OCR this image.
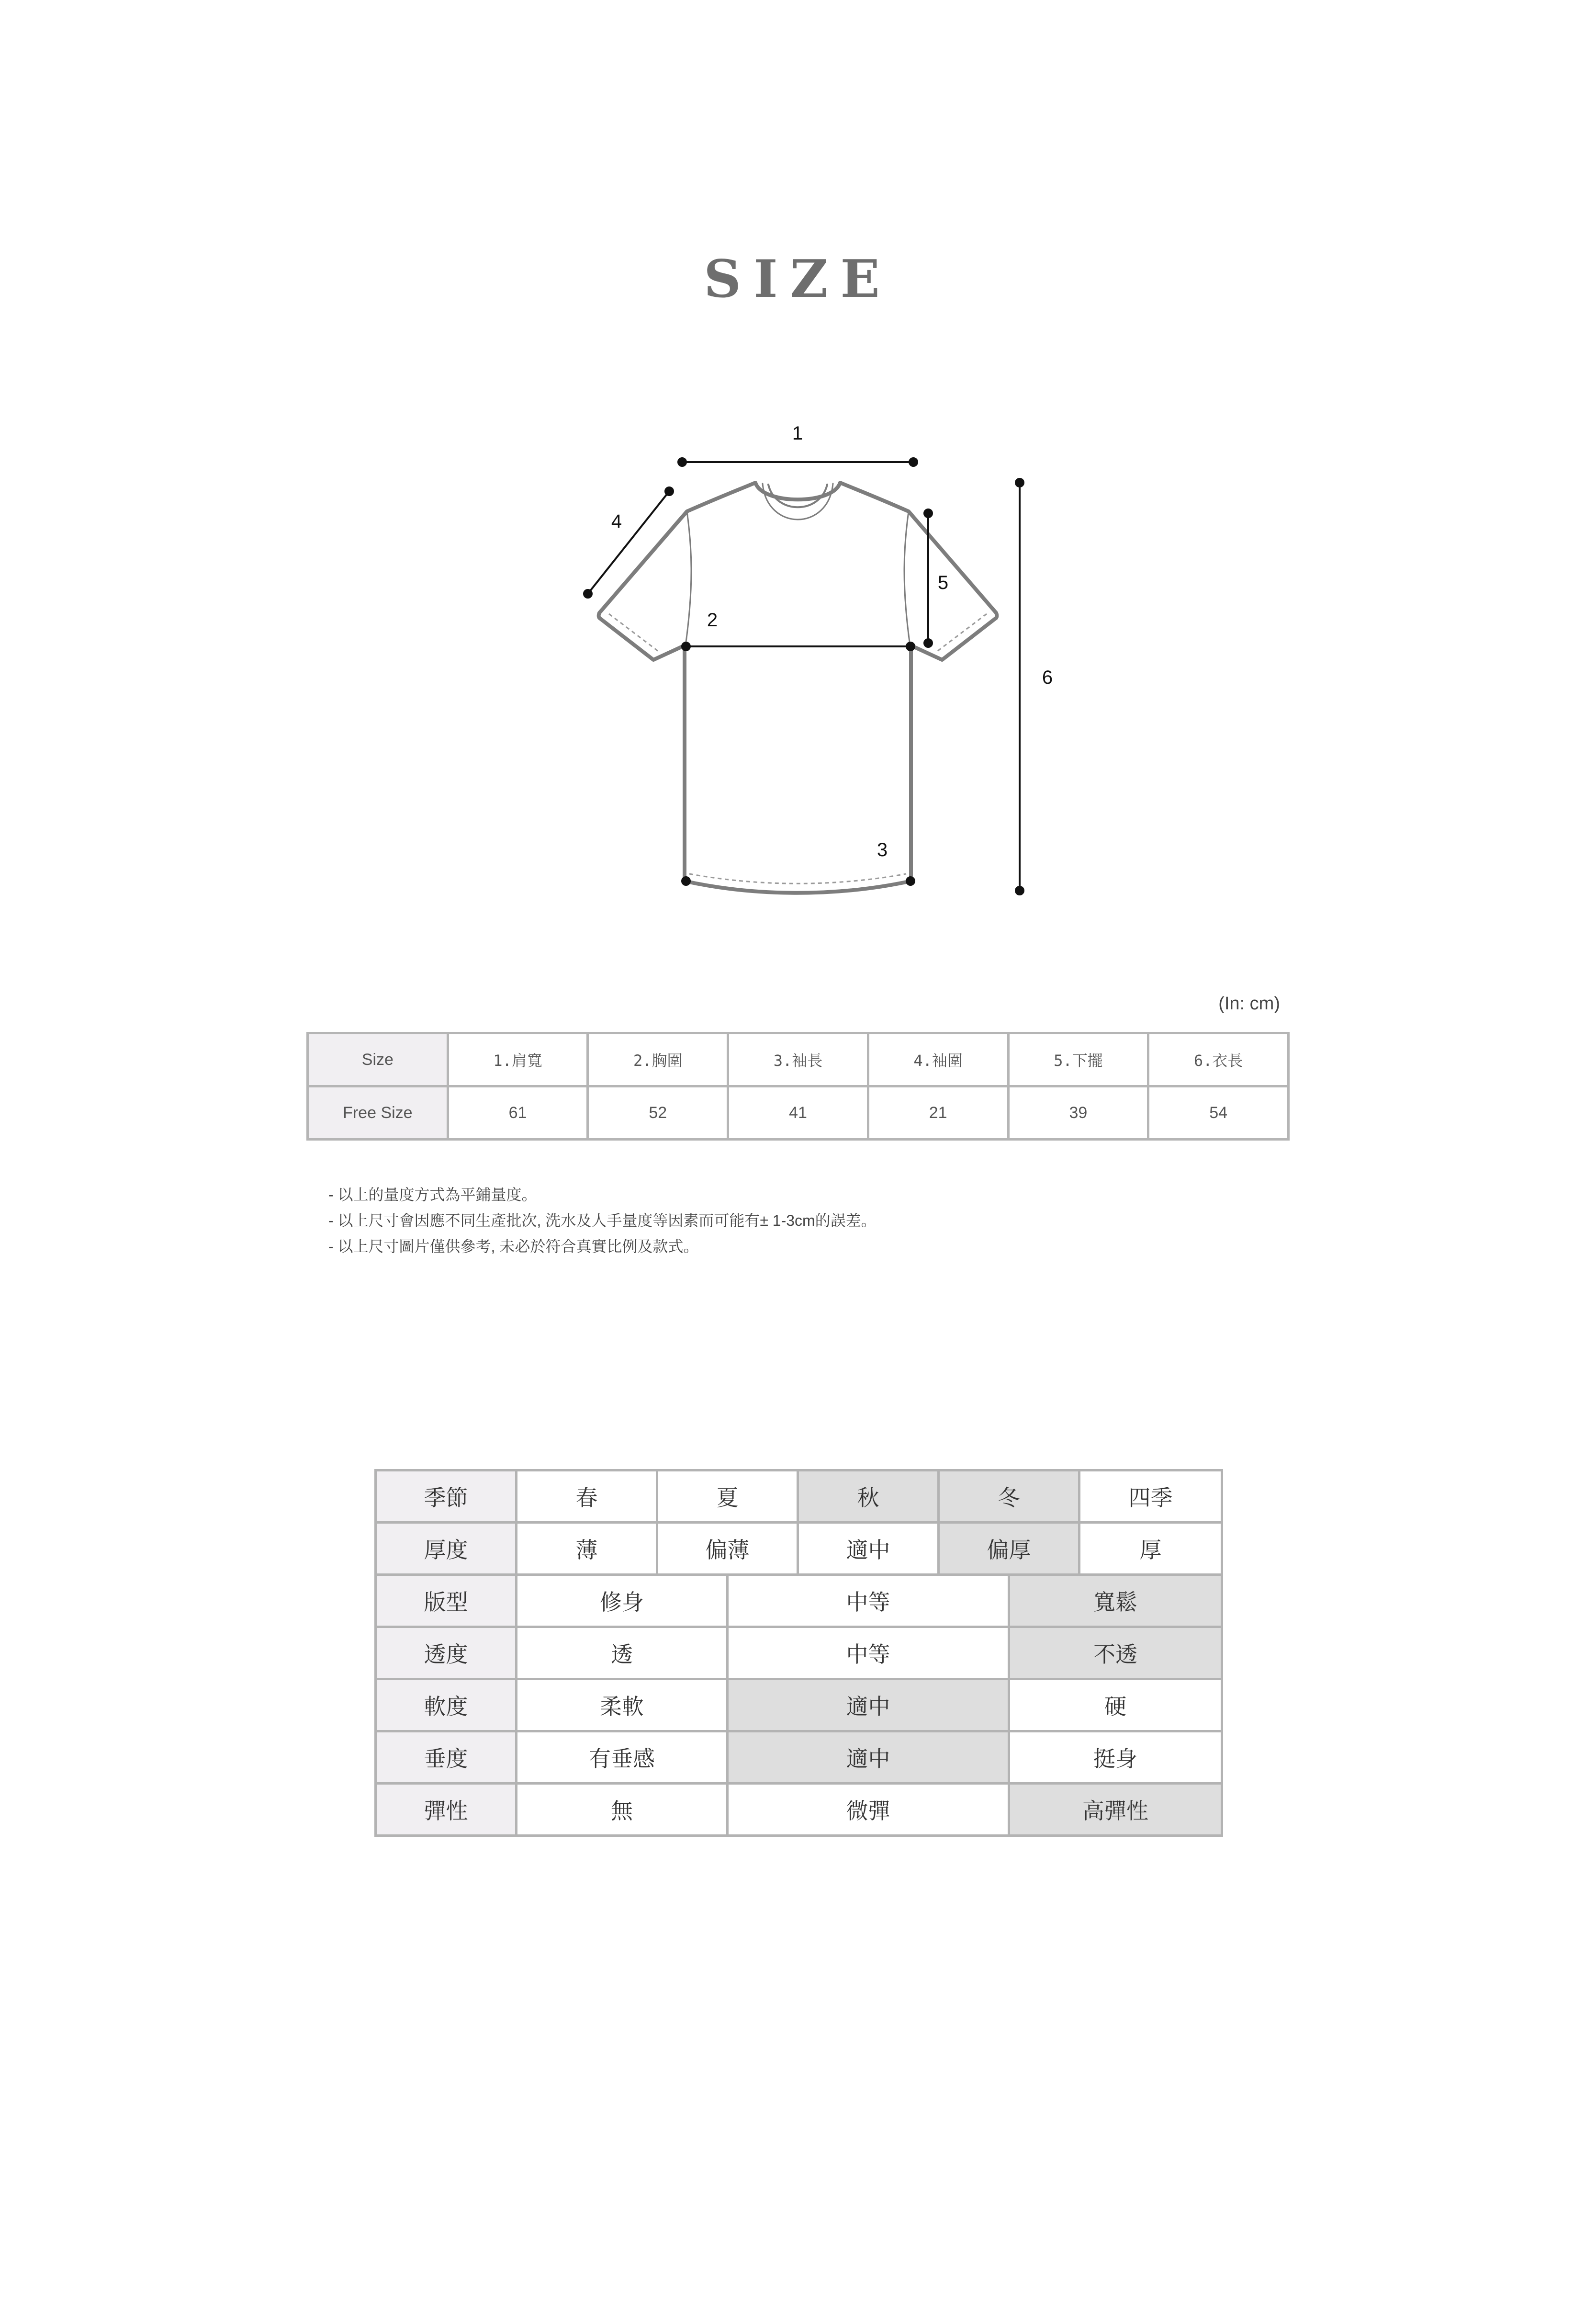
SIZE
1
2
3
4
5
6
(In: cm)
Size	1.肩寬	2.胸圍	3.袖長	4.袖圍	5.下擺	6.衣長
Free Size	61	52	41	21	39	54
- 以上的量度方式為平鋪量度。
- 以上尺寸會因應不同生產批次, 洗水及人手量度等因素而可能有± 1-3cm的誤差。
- 以上尺寸圖片僅供參考, 未必於符合真實比例及款式。
季節	春	夏		秋	冬		四季
厚度	薄	偏薄		適中	偏厚		厚
版型	修身		中等			寬鬆	
透度	透		中等			不透	
軟度	柔軟		適中			硬	
垂度	有垂感		適中			挺身	
彈性	無		微彈			高彈性	
